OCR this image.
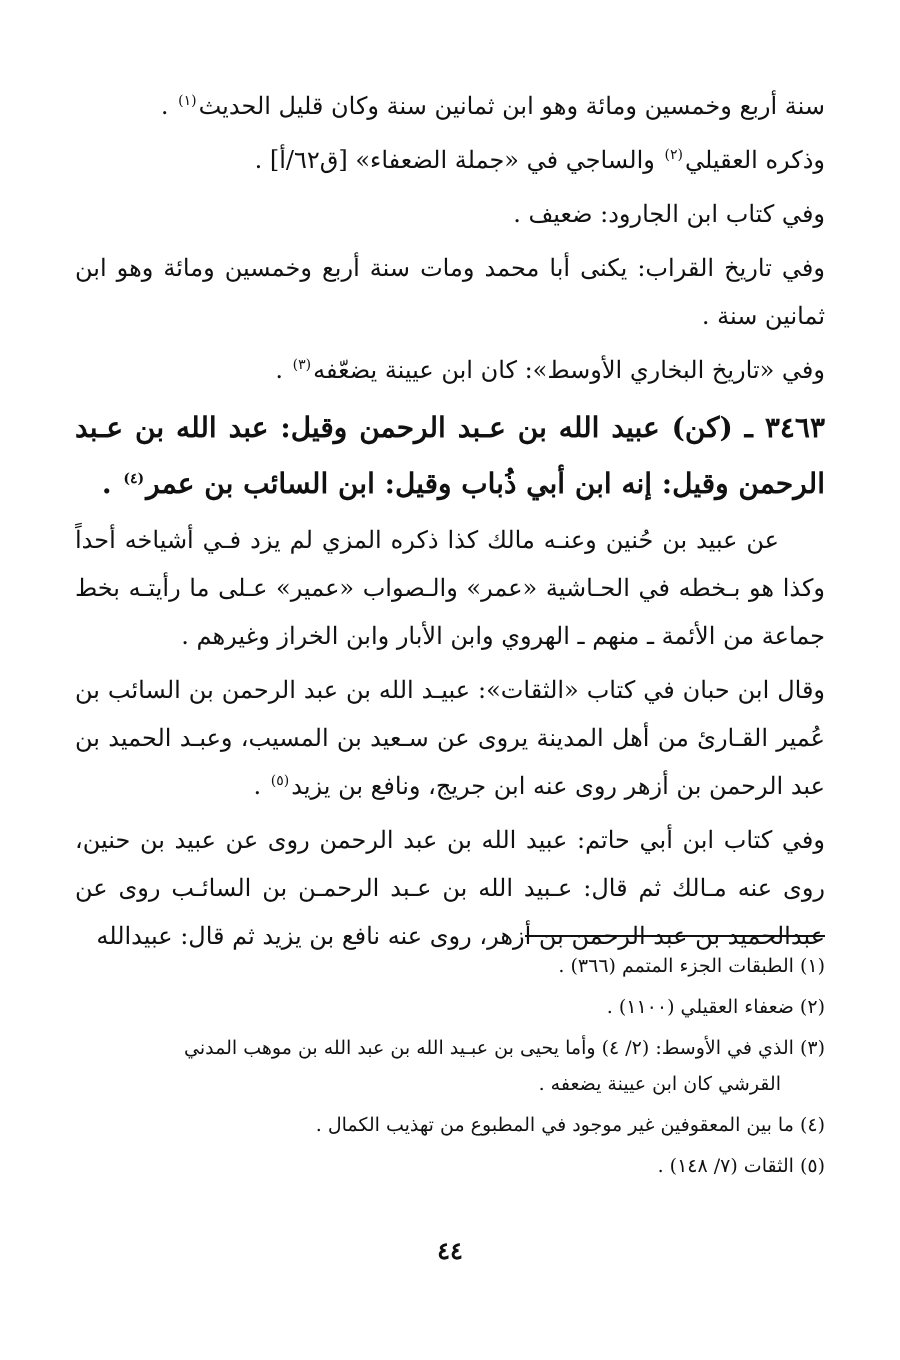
سنة أربع وخمسين ومائة وهو ابن ثمانين سنة وكان قليل الحديث$^{(١)}$ .

وذكره العقيلي$^{(٢)}$ والساجي في «جملة الضعفاء» [ق٦٢/أ] .

وفي كتاب ابن الجارود: ضعيف .

وفي تاريخ القراب: يكنى أبا محمد ومات سنة أربع وخمسين ومائة وهو ابن ثمانين سنة .

وفي «تاريخ البخاري الأوسط»: كان ابن عيينة يضعّفه$^{(٣)}$ .

٣٤٦٣ ـ (كن) عبيد الله بن عـبد الرحمن وقيل: عبد الله بن عـبد الرحمن وقيل: إنه ابن أبي ذُباب وقيل: ابن السائب بن عمر$^{(٤)}$ .

عن عبيد بن حُنين وعنـه مالك كذا ذكره المزي لم يزد فـي أشياخه أحداً وكذا هو بـخطه في الحـاشية «عمر» والـصواب «عمير» عـلى ما رأيتـه بخط جماعة من الأئمة ـ منهم ـ الهروي وابن الأبار وابن الخراز وغيرهم .

وقال ابن حبان في كتاب «الثقات»: عبيـد الله بن عبد الرحمن بن السائب بن عُمير القـارئ من أهل المدينة يروى عن سـعيد بن المسيب، وعبـد الحميد بن عبد الرحمن بن أزهر روى عنه ابن جريج، ونافع بن يزيد$^{(٥)}$ .

وفي كتاب ابن أبي حاتم: عبيد الله بن عبد الرحمن روى عن عبيد بن حنين، روى عنه مـالك ثم قال: عـبيد الله بن عـبد الرحمـن بن السائـب روى عن عبدالحميد بن عبد الرحمن بن أزهر، روى عنه نافع بن يزيد ثم قال: عبيدالله

(١) الطبقات الجزء المتمم (٣٦٦) .

(٢) ضعفاء العقيلي (١١٠٠) .

(٣) الذي في الأوسط: (٢/ ٤) وأما يحيى بن عبـيد الله بن عبد الله بن موهب المدني
القرشي كان ابن عيينة يضعفه .

(٤) ما بين المعقوفين غير موجود في المطبوع من تهذيب الكمال .

(٥) الثقات (٧/ ١٤٨) .

٤٤
